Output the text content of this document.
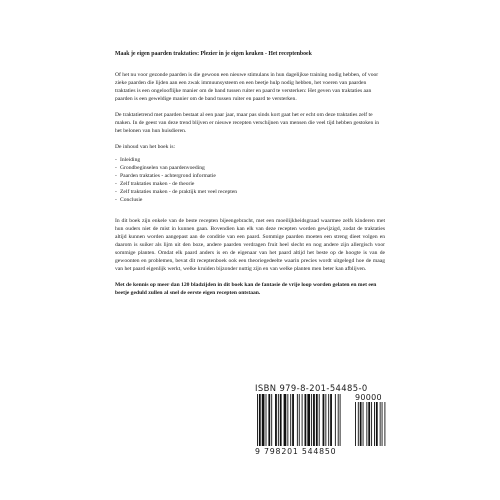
Maak je eigen paarden traktaties: Plezier in je eigen keuken - Het receptenboek

Of het nu voor gezonde paarden is die gewoon een nieuwe stimulans in hun dagelijkse training nodig hebben, of voor zieke paarden die lijden aan een zwak immuunsysteem en een beetje hulp nodig hebben, het voeren van paarden traktaties is een ongelooflijke manier om de band tussen ruiter en paard te versterken: Het geven van traktaties aan paarden is een geweldige manier om de band tussen ruiter en paard te versterken.

De traktatietrend met paarden bestaat al een paar jaar, maar pas sinds kort gaat het er echt om deze traktaties zelf te maken. In de geest van deze trend blijven er nieuwe recepten verschijnen van mensen die veel tijd hebben gestoken in het belonen van hun huisdieren.

De inhoud van het boek is:

- Inleiding
- Grondbeginselen van paardenvoeding
- Paarden traktaties - achtergrond informatie
- Zelf traktaties maken - de theorie
- Zelf traktaties maken - de praktijk met veel recepten
- Conclusie

In dit boek zijn enkele van de beste recepten bijeengebracht, met een moeilijkheidsgraad waarmee zelfs kinderen met hun ouders niet de mist in kunnen gaan. Bovendien kan elk van deze recepten worden gewijzigd, zodat de traktaties altijd kunnen worden aangepast aan de conditie van een paard. Sommige paarden moeten een streng dieet volgen en daarom is suiker als lijm uit den boze, andere paarden verdragen fruit heel slecht en nog andere zijn allergisch voor sommige planten. Omdat elk paard anders is en de eigenaar van het paard altijd het beste op de hoogte is van de gewoonten en problemen, bevat dit receptenboek ook een theoriegedeelte waarin precies wordt uitgelegd hoe de maag van het paard eigenlijk werkt, welke kruiden bijzonder nuttig zijn en van welke planten men beter kan afblijven.

Met de kennis op meer dan 120 bladzijden in dit boek kan de fantasie de vrije loop worden gelaten en met een beetje geduld zullen al snel de eerste eigen recepten ontstaan.

ISBN 979-8-201-54485-0
90000
9 798201 544850
